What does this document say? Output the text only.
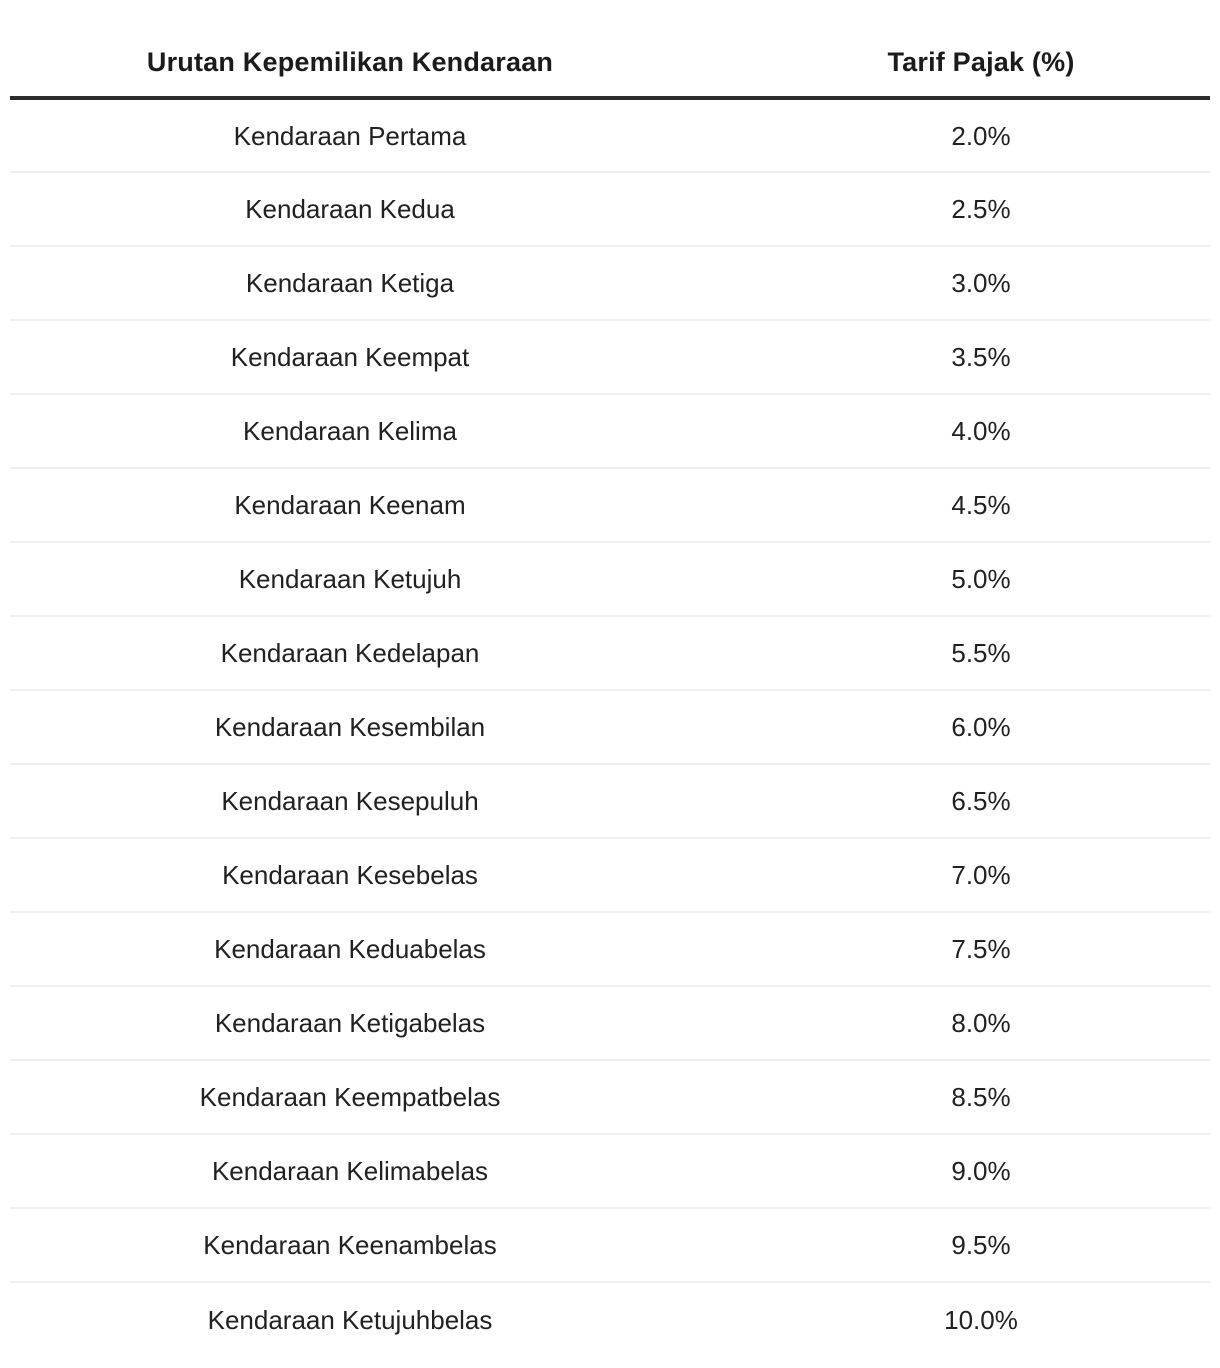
Urutan Kepemilikan Kendaraan	Tarif Pajak (%)
Kendaraan Pertama	2.0%
Kendaraan Kedua	2.5%
Kendaraan Ketiga	3.0%
Kendaraan Keempat	3.5%
Kendaraan Kelima	4.0%
Kendaraan Keenam	4.5%
Kendaraan Ketujuh	5.0%
Kendaraan Kedelapan	5.5%
Kendaraan Kesembilan	6.0%
Kendaraan Kesepuluh	6.5%
Kendaraan Kesebelas	7.0%
Kendaraan Keduabelas	7.5%
Kendaraan Ketigabelas	8.0%
Kendaraan Keempatbelas	8.5%
Kendaraan Kelimabelas	9.0%
Kendaraan Keenambelas	9.5%
Kendaraan Ketujuhbelas	10.0%
